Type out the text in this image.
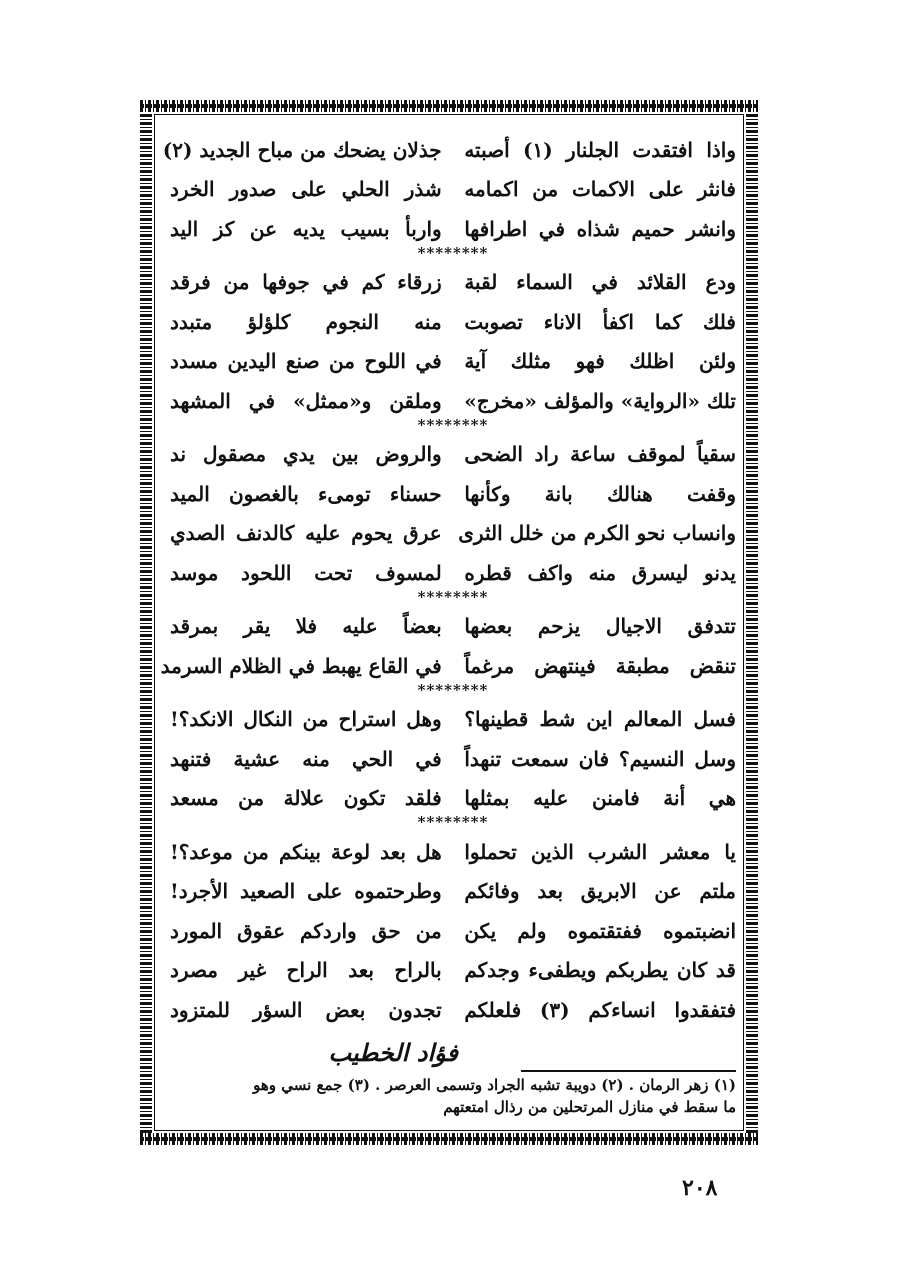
واذا افتقدت الجلنار (١) أصبته
جذلان يضحك من مباح الجديد (٢)
فانثر على الاكمات من اكمامه
شذر الحلي على صدور الخرد
وانشر حميم شذاه في اطرافها
واربأ بسيب يديه عن كز اليد
********
ودع القلائد في السماء لقبة
زرقاء كم في جوفها من فرقد
فلك كما اكفأ الاناء تصوبت
منه النجوم كلؤلؤ متبدد
ولئن اظلك فهو مثلك آية
في اللوح من صنع اليدين مسدد
تلك «الرواية» والمؤلف «مخرج»
وملقن و«ممثل» في المشهد
********
سقياً لموقف ساعة راد الضحى
والروض بين يدي مصقول ند
وقفت هنالك بانة وكأنها
حسناء تومىء بالغصون الميد
وانساب نحو الكرم من خلل الثرى
عرق يحوم عليه كالدنف الصدي
يدنو ليسرق منه واكف قطره
لمسوف تحت اللحود موسد
********
تتدفق الاجيال يزحم بعضها
بعضاً عليه فلا يقر بمرقد
تنقض مطبقة فينتهض مرغماً
في القاع يهبط في الظلام السرمد
********
فسل المعالم اين شط قطينها؟
وهل استراح من النكال الانكد؟!
وسل النسيم؟ فان سمعت تنهداً
في الحي منه عشية فتنهد
هي أنة فامنن عليه بمثلها
فلقد تكون علالة من مسعد
********
يا معشر الشرب الذين تحملوا
هل بعد لوعة بينكم من موعد؟!
ملتم عن الابريق بعد وفائكم
وطرحتموه على الصعيد الأجرد!
انضبتموه ففتقتموه ولم يكن
من حق واردكم عقوق المورد
قد كان يطربكم ويطفىء وجدكم
بالراح بعد الراح غير مصرد
فتفقدوا انساءكم (٣) فلعلكم
تجدون بعض السؤر للمتزود
فؤاد الخطيب
(١) زهر الرمان . (٢) دويبة تشبه الجراد وتسمى العرصر . (٣) جمع نسي وهو
ما سقط في منازل المرتحلين من رذال امتعتهم
٢٠٨
